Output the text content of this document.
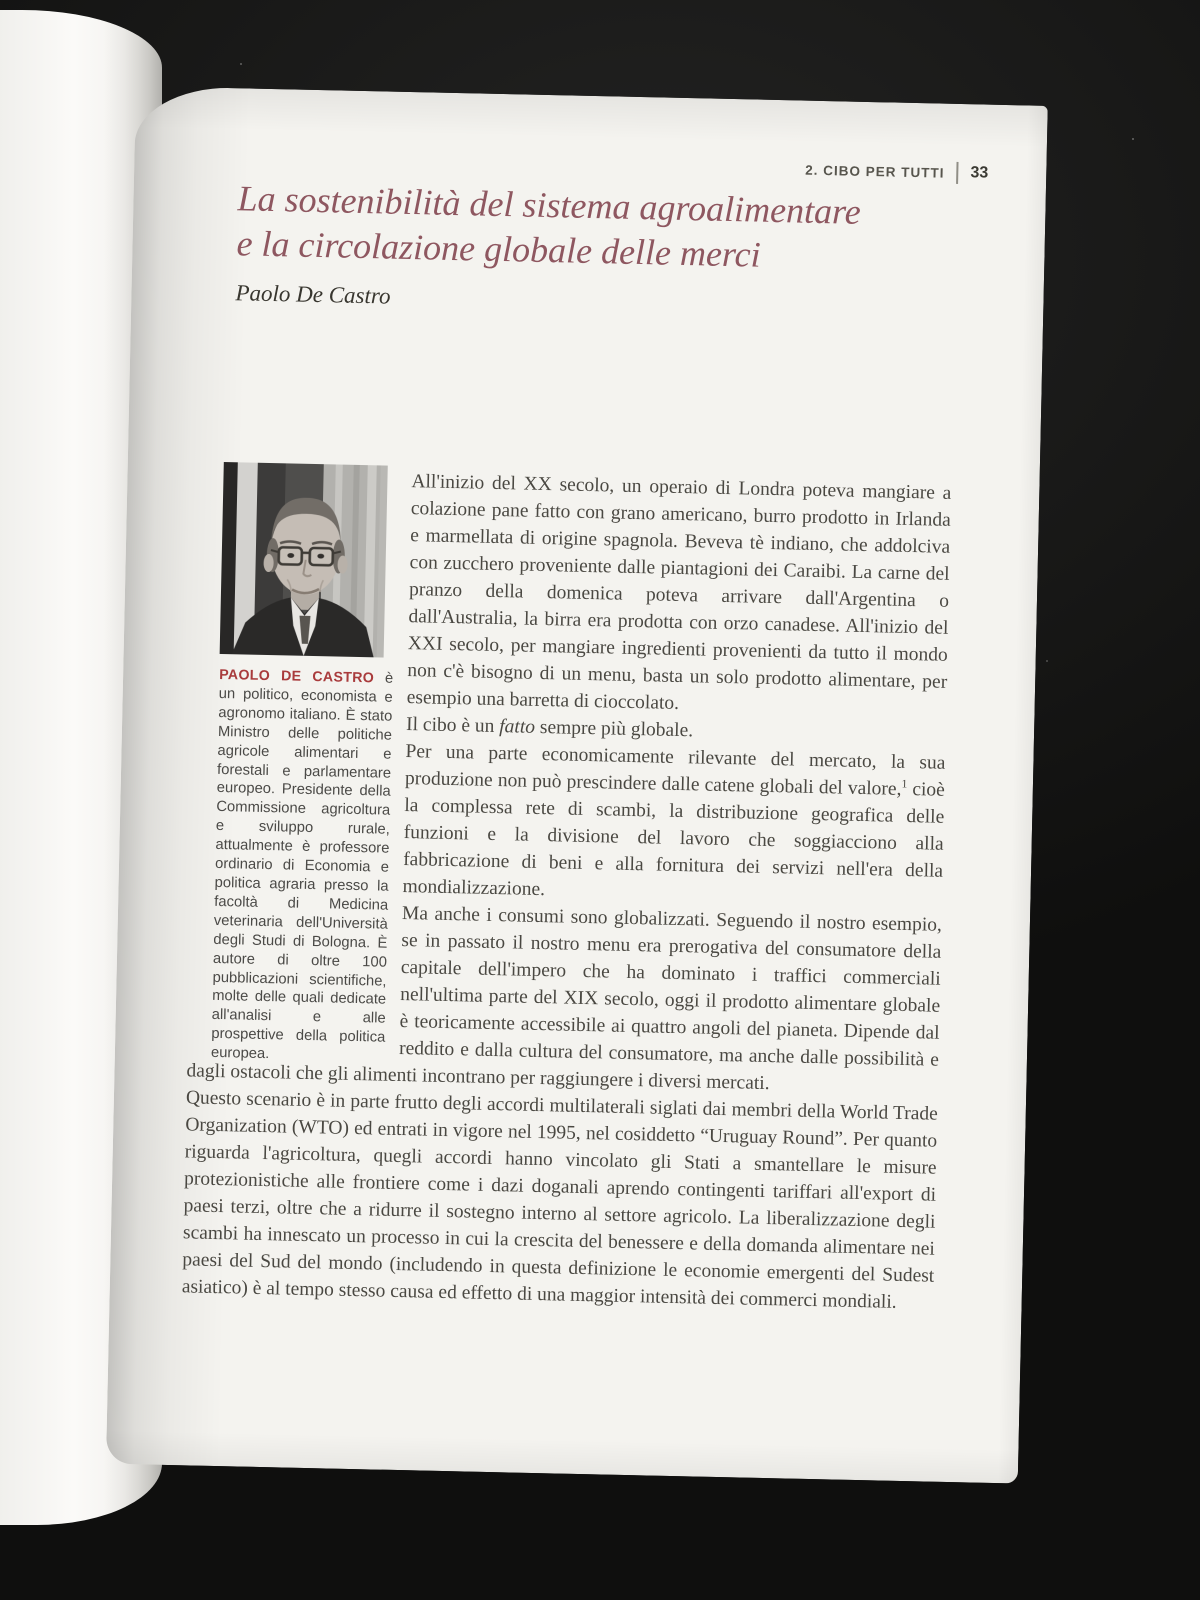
2. CIBO PER TUTTI 33
La sostenibilità del sistema agroalimentare
e la circolazione globale delle merci
Paolo De Castro

PAOLO DE CASTRO è un politico, economista e agronomo italiano. È stato Ministro delle politiche agricole alimentari e forestali e parlamentare europeo. Presidente della Commissione agricoltura e sviluppo rurale, attualmente è professore ordinario di Economia e politica agraria presso la facoltà di Medicina veterinaria dell'Università degli Studi di Bologna. È autore di oltre 100 pubblicazioni scientifiche, molte delle quali dedicate all'analisi e alle prospettive della politica europea.

All'inizio del XX secolo, un operaio di Londra poteva mangiare a colazione pane fatto con grano americano, burro prodotto in Irlanda e marmellata di origine spagnola. Beveva tè indiano, che addolciva con zucchero proveniente dalle piantagioni dei Caraibi. La carne del pranzo della domenica poteva arrivare dall'Argentina o dall'Australia, la birra era prodotta con orzo canadese. All'inizio del XXI secolo, per mangiare ingredienti provenienti da tutto il mondo non c'è bisogno di un menu, basta un solo prodotto alimentare, per esempio una barretta di cioccolato.

Il cibo è un fatto sempre più globale.

Per una parte economicamente rilevante del mercato, la sua produzione non può prescindere dalle catene globali del valore,$^1$ cioè la complessa rete di scambi, la distribuzione geografica delle funzioni e la divisione del lavoro che soggiacciono alla fabbricazione di beni e alla fornitura dei servizi nell'era della mondializzazione.

Ma anche i consumi sono globalizzati. Seguendo il nostro esempio, se in passato il nostro menu era prerogativa del consumatore della capitale dell'impero che ha dominato i traffici commerciali nell'ultima parte del XIX secolo, oggi il prodotto alimentare globale è teoricamente accessibile ai quattro angoli del pianeta. Dipende dal reddito e dalla cultura del consumatore, ma anche dalle possibilità e dagli ostacoli che gli alimenti incontrano per raggiungere i diversi mercati.

Questo scenario è in parte frutto degli accordi multilaterali siglati dai membri della World Trade Organization (WTO) ed entrati in vigore nel 1995, nel cosiddetto “Uruguay Round”. Per quanto riguarda l'agricoltura, quegli accordi hanno vincolato gli Stati a smantellare le misure protezionistiche alle frontiere come i dazi doganali aprendo contingenti tariffari all'export di paesi terzi, oltre che a ridurre il sostegno interno al settore agricolo. La liberalizzazione degli scambi ha innescato un processo in cui la crescita del benessere e della domanda alimentare nei paesi del Sud del mondo (includendo in questa definizione le economie emergenti del Sudest asiatico) è al tempo stesso causa ed effetto di una maggior intensità dei commerci mondiali.
